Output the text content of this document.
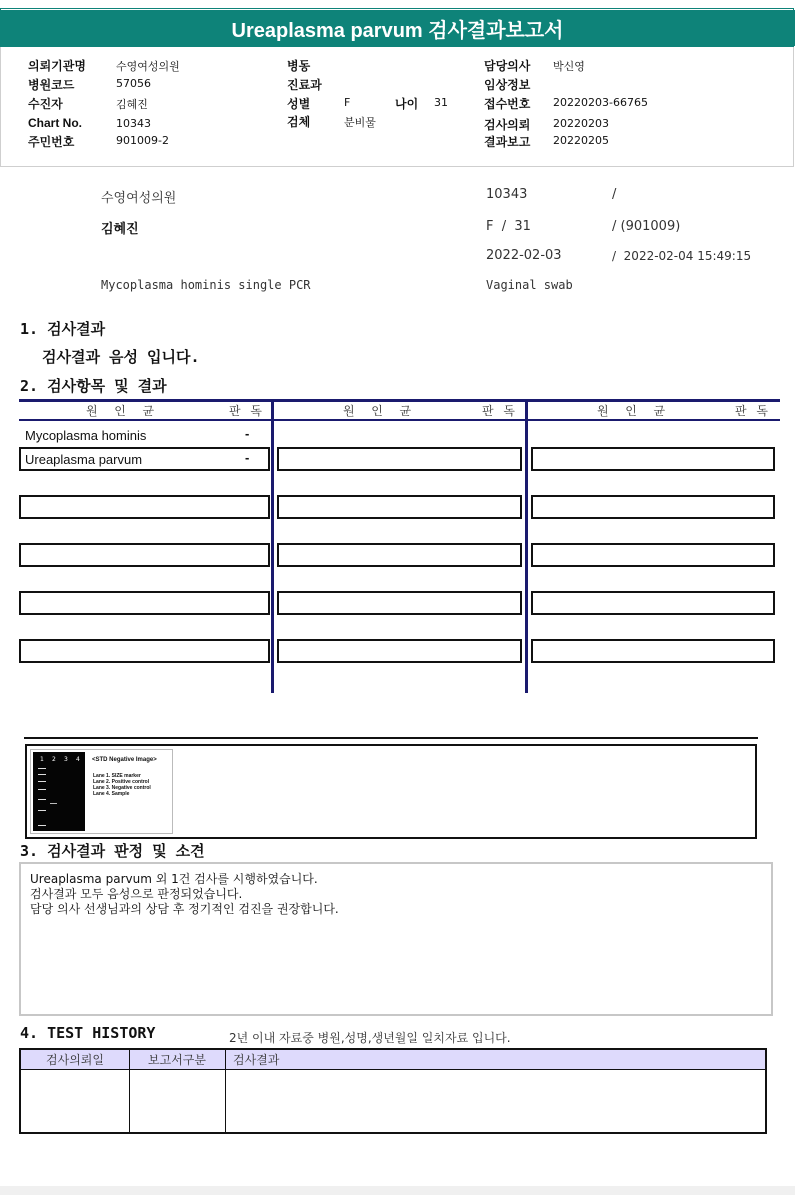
Ureaplasma parvum 검사결과보고서
의뢰기관명	수영여성의원
병원코드	57056
수진자	김혜진
Chart No.	10343
주민번호	901009-2
병동
진료과
성별	F	나이 31
검체	분비물
담당의사 박신영
임상정보
접수번호 20220203-66765
검사의뢰 20220203
결과보고 20220205
수영여성의원	10343	/
김혜진	F  /  31	/ (901009)
2022-02-03	/  2022-02-04 15:49:15
Mycoplasma hominis single PCR	Vaginal swab
1. 검사결과
검사결과 음성 입니다.
2. 검사항목 및 결과
원  인  균	판 독	원  인  균	판 독	원  인  균	판 독
Mycoplasma hominis	-
Ureaplasma parvum	-
1 2 3 4 <STD Negative Image>
Lane 1. SIZE marker
Lane 2. Positive control
Lane 3. Negative control
Lane 4. Sample
3. 검사결과 판정 및 소견
Ureaplasma parvum 외 1건 검사를 시행하였습니다.
검사결과 모두 음성으로 판정되었습니다.
담당 의사 선생님과의 상담 후 정기적인 검진을 권장합니다.
4. TEST HISTORY	2년 이내 자료중 병원,성명,생년월일 일치자료 입니다.
검사의뢰일	보고서구분	검사결과
